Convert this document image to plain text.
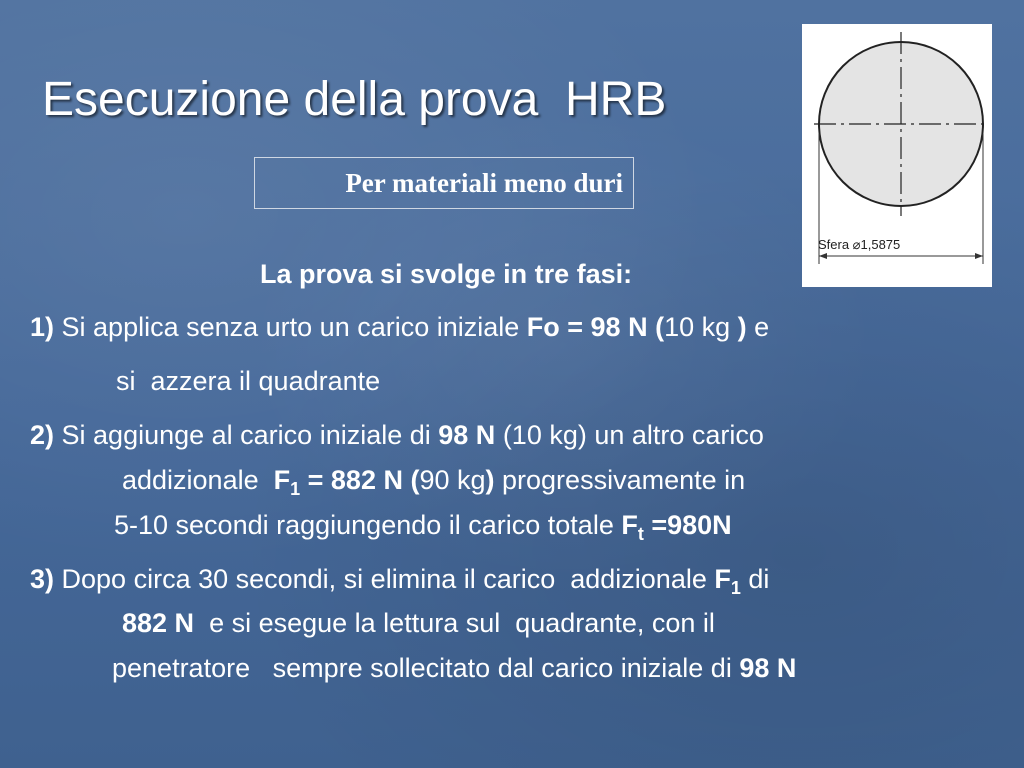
Esecuzione della prova  HRB
Per materiali meno duri
Sfera ⌀1,5875
La prova si svolge in tre fasi:
1) Si applica senza urto un carico iniziale Fo = 98 N (10 kg ) e
si  azzera il quadrante
2) Si aggiunge al carico iniziale di 98 N (10 kg) un altro carico
addizionale  $F_1 = 882$ N (90 kg) progressivamente in
5-10 secondi raggiungendo il carico totale $F_t =980N$
3) Dopo circa 30 secondi, si elimina il carico  addizionale $F_1$ di
882 N  e si esegue la lettura sul  quadrante, con il
penetratore   sempre sollecitato dal carico iniziale di 98 N
